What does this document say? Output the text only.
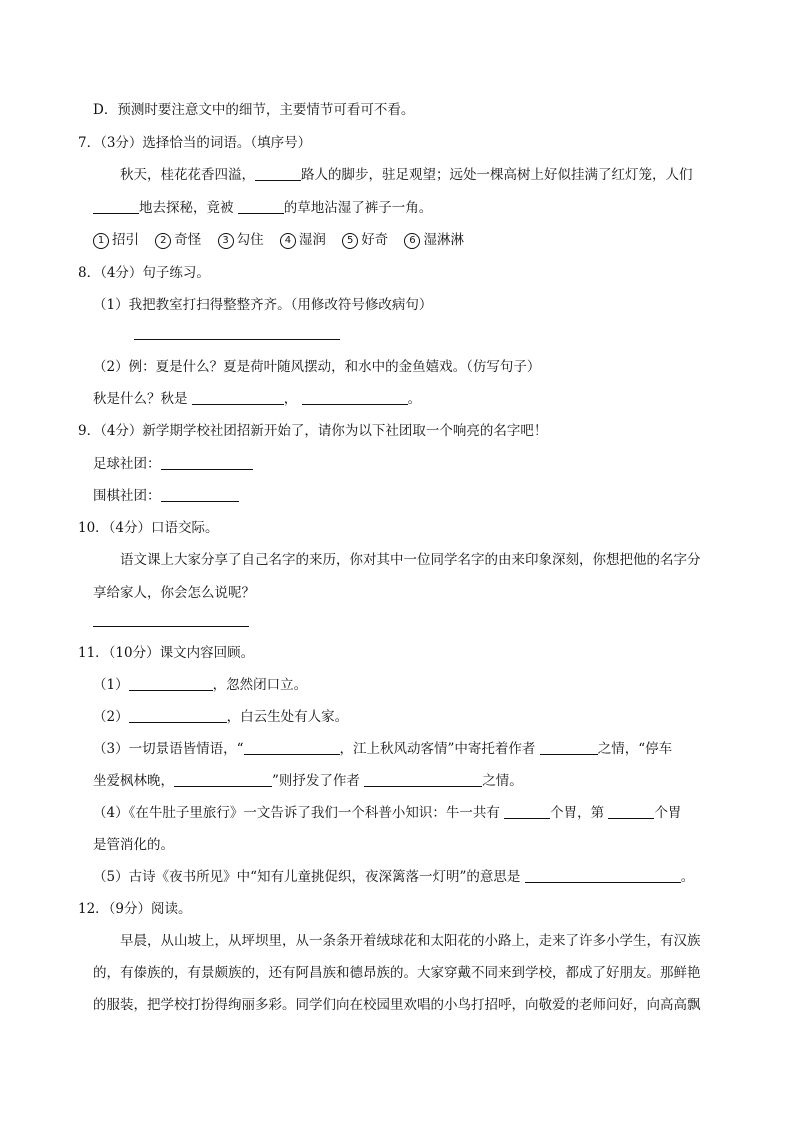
D．预测时要注意文中的细节，主要情节可看可不看。
7．（3分）选择恰当的词语。（填序号）
秋天，桂花花香四溢，	路人的脚步，驻足观望；远处一棵高树上好似挂满了红灯笼，人们
地去探秘，竟被	的草地沾湿了裤子一角。
1 招引 2 奇怪 3 勾住 4 湿润 5 好奇 6 湿淋淋
8．（4分）句子练习。
（1）我把教室打扫得整整齐齐。（用修改符号修改病句）
（2）例：夏是什么？夏是荷叶随风摆动，和水中的金鱼嬉戏。（仿写句子）
秋是什么？秋是	，	。
9．（4分）新学期学校社团招新开始了，请你为以下社团取一个响亮的名字吧！
足球社团：
围棋社团：
10．（4分）口语交际。
语文课上大家分享了自己名字的来历，你对其中一位同学名字的由来印象深刻，你想把他的名字分
享给家人，你会怎么说呢？
11．（10分）课文内容回顾。
（1）	，忽然闭口立。
（2）	，白云生处有人家。
（3）一切景语皆情语，“	，江上秋风动客情”中寄托着作者	之情，“停车
坐爱枫林晚，	”则抒发了作者	之情。
（4）《在牛肚子里旅行》一文告诉了我们一个科普小知识：牛一共有	个胃，第	个胃
是管消化的。
（5）古诗《夜书所见》中“知有儿童挑促织，夜深篱落一灯明”的意思是	。
12．（9分）阅读。
早晨，从山坡上，从坪坝里，从一条条开着绒球花和太阳花的小路上，走来了许多小学生，有汉族
的，有傣族的，有景颇族的，还有阿昌族和德昂族的。大家穿戴不同来到学校，都成了好朋友。那鲜艳
的服装，把学校打扮得绚丽多彩。同学们向在校园里欢唱的小鸟打招呼，向敬爱的老师问好，向高高飘
